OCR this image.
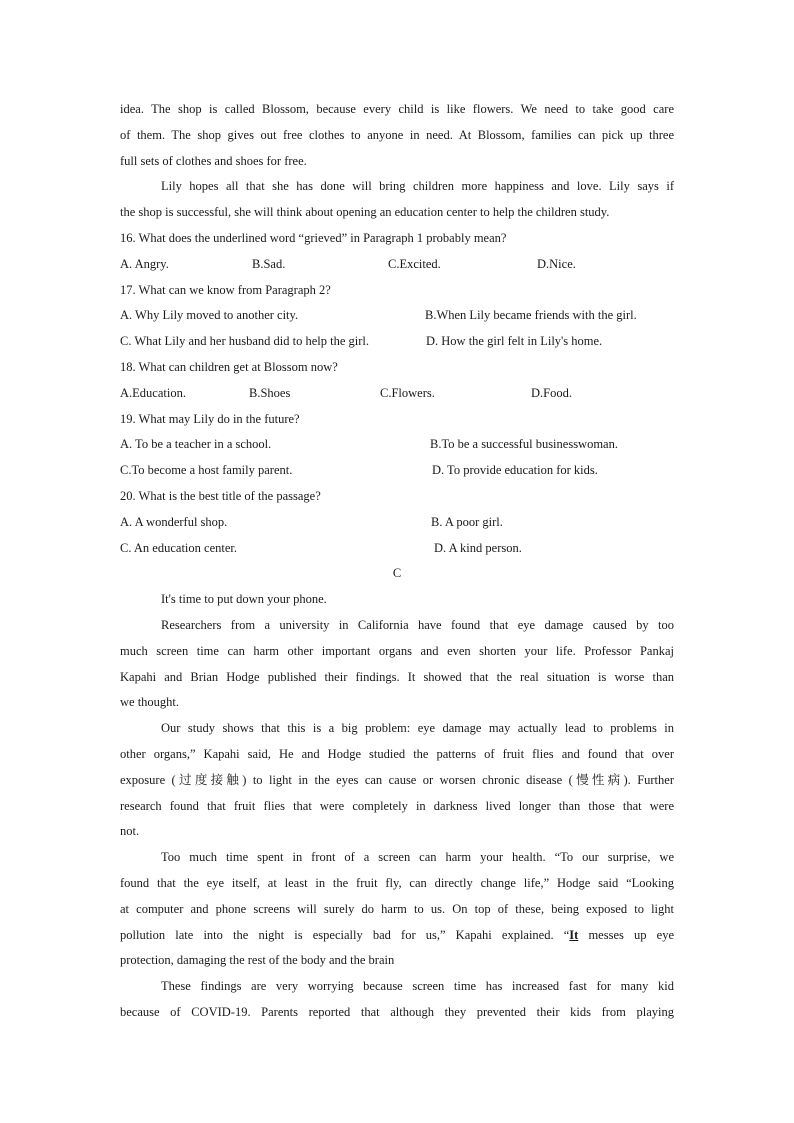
idea. The shop is called Blossom, because every child is like flowers. We need to take good care
of them. The shop gives out free clothes to anyone in need. At Blossom, families can pick up three
full sets of clothes and shoes for free.
Lily hopes all that she has done will bring children more happiness and love. Lily says if
the shop is successful, she will think about opening an education center to help the children study.
16. What does the underlined word “grieved” in Paragraph 1 probably mean?
A. Angry.	B.Sad.	C.Excited.	D.Nice.
17. What can we know from Paragraph 2?
A. Why Lily moved to another city.	B.When Lily became friends with the girl.
C. What Lily and her husband did to help the girl.	D. How the girl felt in Lily's home.
18. What can children get at Blossom now?
A.Education.	B.Shoes	C.Flowers.	D.Food.
19. What may Lily do in the future?
A. To be a teacher in a school.	B.To be a successful businesswoman.
C.To become a host family parent.	D. To provide education for kids.
20. What is the best title of the passage?
A. A wonderful shop.	B. A poor girl.
C. An education center.	D. A kind person.
C
It's time to put down your phone.
Researchers from a university in California have found that eye damage caused by too
much screen time can harm other important organs and even shorten your life. Professor Pankaj
Kapahi and Brian Hodge published their findings. It showed that the real situation is worse than
we thought.
Our study shows that this is a big problem: eye damage may actually lead to problems in
other organs,” Kapahi said, He and Hodge studied the patterns of fruit flies and found that over
exposure (过度接触) to light in the eyes can cause or worsen chronic disease (慢性病). Further
research found that fruit flies that were completely in darkness lived longer than those that were
not.
Too much time spent in front of a screen can harm your health. “To our surprise, we
found that the eye itself, at least in the fruit fly, can directly change life,” Hodge said “Looking
at computer and phone screens will surely do harm to us. On top of these, being exposed to light
pollution late into the night is especially bad for us,” Kapahi explained. “It messes up eye
protection, damaging the rest of the body and the brain
These findings are very worrying because screen time has increased fast for many kid
because of COVID-19. Parents reported that although they prevented their kids from playing
